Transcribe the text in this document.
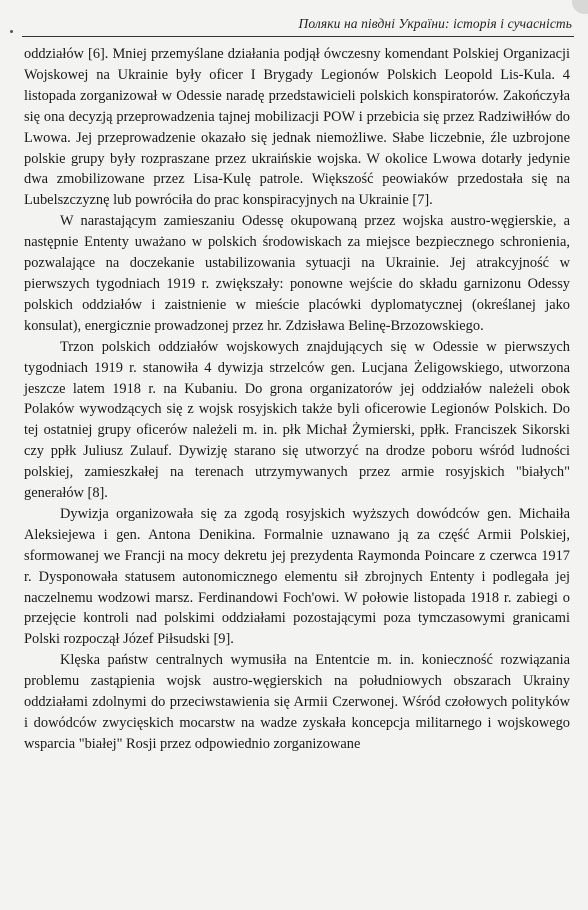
Поляки на півдні України: історія і сучасність

oddziałów [6]. Mniej przemyślane działania podjął ówczesny komendant Polskiej Organizacji Wojskowej na Ukrainie były oficer I Brygady Legionów Polskich Leopold Lis-Kula. 4 listopada zorganizował w Odessie naradę przedstawicieli polskich konspiratorów. Zakończyła się ona decyzją przeprowadzenia tajnej mobilizacji POW i przebicia się przez Radziwiłłów do Lwowa. Jej przeprowadzenie okazało się jednak niemożliwe. Słabe liczebnie, źle uzbrojone polskie grupy były rozpraszane przez ukraińskie wojska. W okolice Lwowa dotarły jedynie dwa zmobilizowane przez Lisa-Kulę patrole. Większość peowiaków przedostała się na Lubelszczyznę lub powróciła do prac konspiracyjnych na Ukrainie [7].

W narastającym zamieszaniu Odessę okupowaną przez wojska austro-węgierskie, a następnie Ententy uważano w polskich środowiskach za miejsce bezpiecznego schronienia, pozwalające na doczekanie ustabilizowania sytuacji na Ukrainie. Jej atrakcyjność w pierwszych tygodniach 1919 r. zwiększały: ponowne wejście do składu garnizonu Odessy polskich oddziałów i zaistnienie w mieście placówki dyplomatycznej (określanej jako konsulat), energicznie prowadzonej przez hr. Zdzisława Belinę-Brzozowskiego.

Trzon polskich oddziałów wojskowych znajdujących się w Odessie w pierwszych tygodniach 1919 r. stanowiła 4 dywizja strzelców gen. Lucjana Żeligowskiego, utworzona jeszcze latem 1918 r. na Kubaniu. Do grona organizatorów jej oddziałów należeli obok Polaków wywodzących się z wojsk rosyjskich także byli oficerowie Legionów Polskich. Do tej ostatniej grupy oficerów należeli m. in. płk Michał Żymierski, ppłk. Franciszek Sikorski czy ppłk Juliusz Zulauf. Dywizję starano się utworzyć na drodze poboru wśród ludności polskiej, zamieszkałej na terenach utrzymywanych przez armie rosyjskich "białych" generałów [8].

Dywizja organizowała się za zgodą rosyjskich wyższych dowódców gen. Michaiła Aleksiejewa i gen. Antona Denikina. Formalnie uznawano ją za część Armii Polskiej, sformowanej we Francji na mocy dekretu jej prezydenta Raymonda Poincare z czerwca 1917 r. Dysponowała statusem autonomicznego elementu sił zbrojnych Ententy i podlegała jej naczelnemu wodzowi marsz. Ferdinandowi Foch'owi. W połowie listopada 1918 r. zabiegi o przejęcie kontroli nad polskimi oddziałami pozostającymi poza tymczasowymi granicami Polski rozpoczął Józef Piłsudski [9].

Klęska państw centralnych wymusiła na Ententcie m. in. konieczność rozwiązania problemu zastąpienia wojsk austro-węgierskich na południowych obszarach Ukrainy oddziałami zdolnymi do przeciwstawienia się Armii Czerwonej. Wśród czołowych polityków i dowódców zwycięskich mocarstw na wadze zyskała koncepcja militarnego i wojskowego wsparcia "białej" Rosji przez odpowiednio zorganizowane
